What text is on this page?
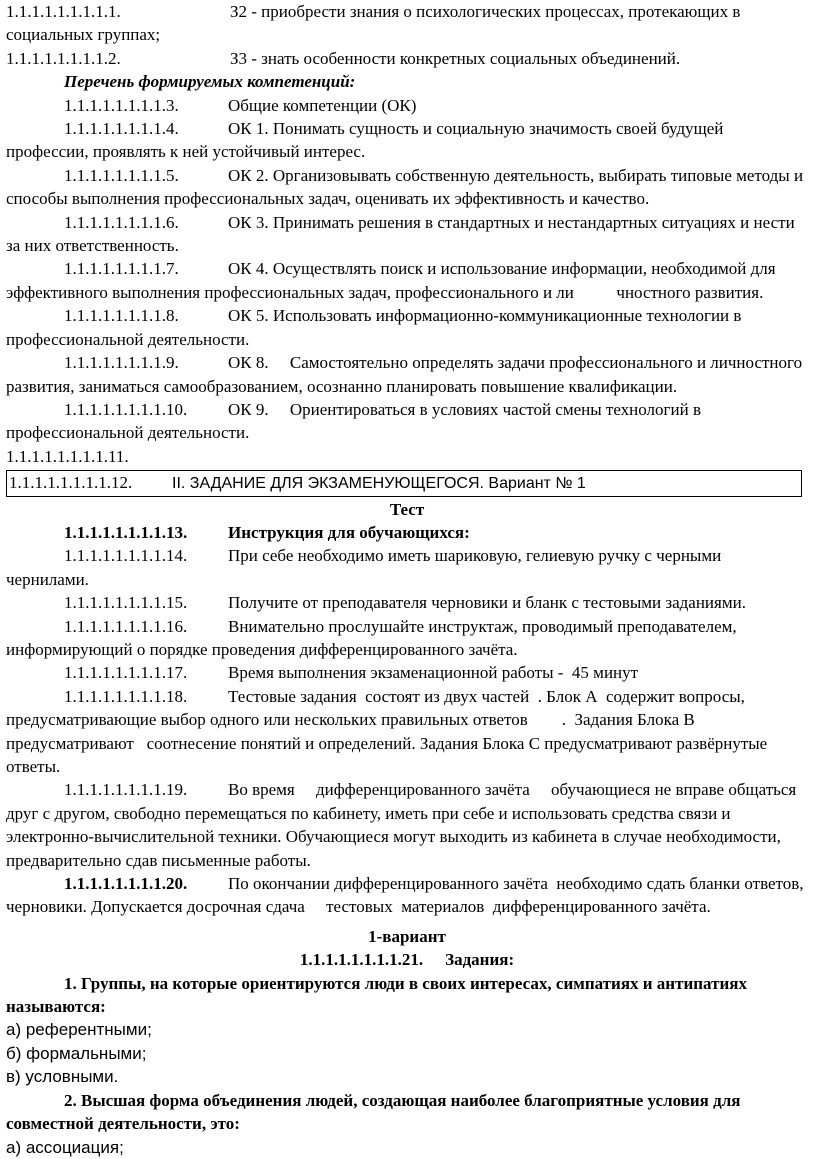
1.1.1.1.1.1.1.1.1.	З2 - приобрести знания о психологических процессах, протекающих в социальных группах;

1.1.1.1.1.1.1.1.2.	З3 - знать особенности конкретных социальных объединений.

Перечень формируемых компетенций:

1.1.1.1.1.1.1.1.3.	Общие компетенции (ОК)

1.1.1.1.1.1.1.1.4.	ОК 1. Понимать сущность и социальную значимость своей будущей профессии, проявлять к ней устойчивый интерес.

1.1.1.1.1.1.1.1.5.	ОК 2. Организовывать собственную деятельность, выбирать типовые методы и способы выполнения профессиональных задач, оценивать их эффективность и качество.

1.1.1.1.1.1.1.1.6.	ОК 3. Принимать решения в стандартных и нестандартных ситуациях и нести за них ответственность.

1.1.1.1.1.1.1.1.7.	ОК 4. Осуществлять поиск и использование информации, необходимой для эффективного выполнения профессиональных задач, профессионального и ли          чностного развития.

1.1.1.1.1.1.1.1.8.	ОК 5. Использовать информационно-коммуникационные технологии в профессиональной деятельности.

1.1.1.1.1.1.1.1.9.	ОК 8.     Самостоятельно определять задачи профессионального и личностного развития, заниматься самообразованием, осознанно планировать повышение квалификации.

1.1.1.1.1.1.1.1.10. ОК 9.     Ориентироваться в условиях частой смены технологий в профессиональной деятельности.

1.1.1.1.1.1.1.1.11.

1.1.1.1.1.1.1.1.12. II. ЗАДАНИЕ ДЛЯ ЭКЗАМЕНУЮЩЕГОСЯ. Вариант № 1

Тест

1.1.1.1.1.1.1.1.13. Инструкция для обучающихся:

1.1.1.1.1.1.1.1.14. При себе необходимо иметь шариковую, гелиевую ручку с черными чернилами.

1.1.1.1.1.1.1.1.15. Получите от преподавателя черновики и бланк с тестовыми заданиями.

1.1.1.1.1.1.1.1.16. Внимательно прослушайте инструктаж, проводимый преподавателем, информирующий о порядке проведения дифференцированного зачёта.

1.1.1.1.1.1.1.1.17. Время выполнения экзаменационной работы -  45 минут

1.1.1.1.1.1.1.1.18. Тестовые задания  состоят из двух частей  . Блок А  содержит вопросы, предусматривающие выбор одного или нескольких правильных ответов        .  Задания Блока В предусматривают   соотнесение понятий и определений. Задания Блока С предусматривают развёрнутые ответы.

1.1.1.1.1.1.1.1.19. Во время     дифференцированного зачёта     обучающиеся не вправе общаться друг с другом, свободно перемещаться по кабинету, иметь при себе и использовать средства связи и электронно-вычислительной техники. Обучающиеся могут выходить из кабинета в случае необходимости, предварительно сдав письменные работы.

1.1.1.1.1.1.1.1.20. По окончании дифференцированного зачёта  необходимо сдать бланки ответов, черновики. Допускается досрочная сдача     тестовых  материалов  дифференцированного зачёта.

1-вариант

1.1.1.1.1.1.1.1.21. Задания:

1. Группы, на которые ориентируются люди в своих интересах, симпатиях и антипатиях называются:

а) референтными;

б) формальными;

в) условными.

2. Высшая форма объединения людей, создающая наиболее благоприятные условия для совместной деятельности, это:

а) ассоциация;
